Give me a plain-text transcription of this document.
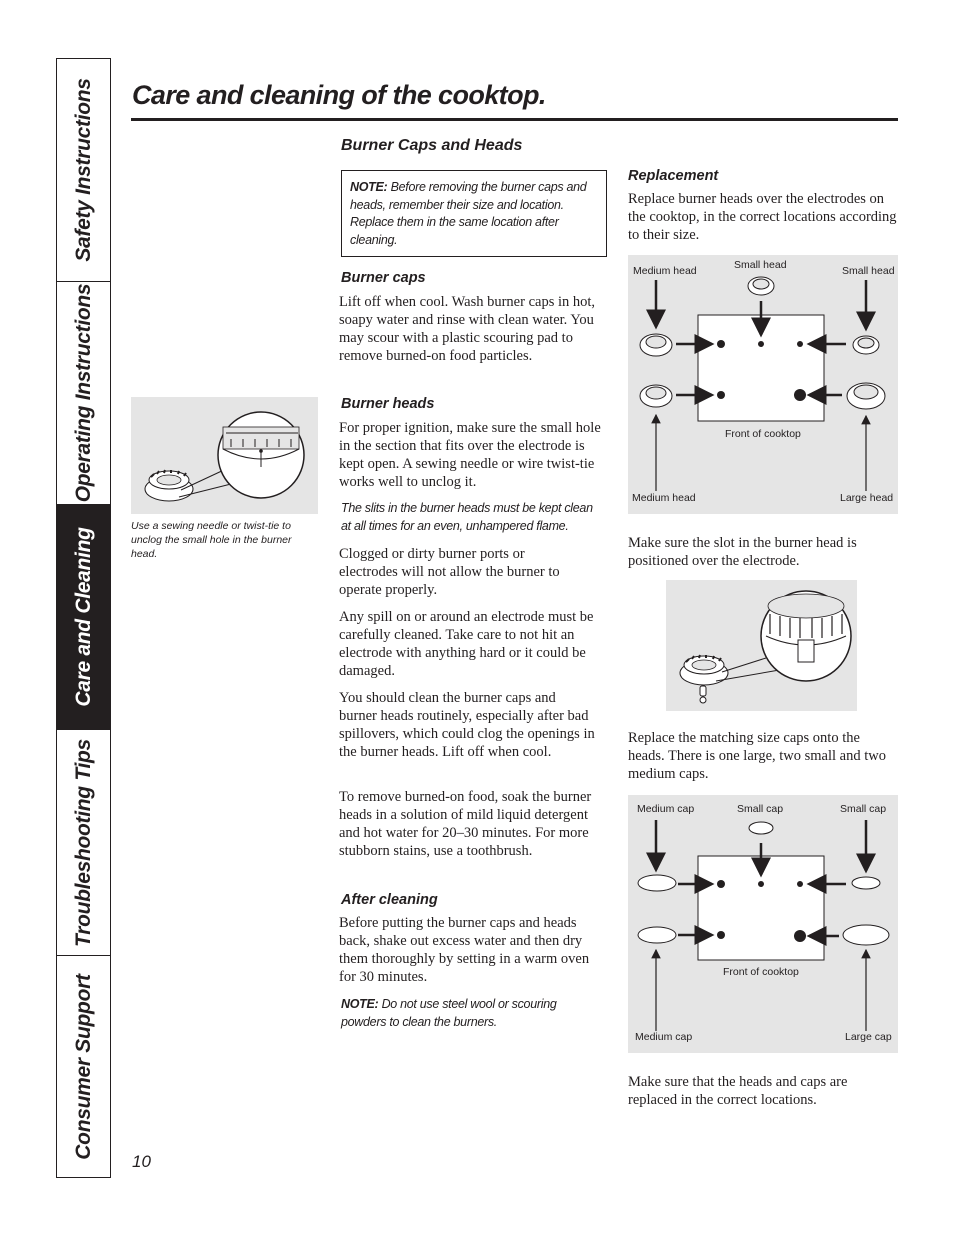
Safety Instructions
Operating Instructions
Care and Cleaning
Troubleshooting Tips
Consumer Support
Care and cleaning of the cooktop.
Use a sewing needle or twist-tie to unclog the small hole in the burner head.
Burner Caps and Heads
NOTE: Before removing the burner caps and heads, remember their size and location. Replace them in the same location after cleaning.
Burner caps
Lift off when cool. Wash burner caps in hot, soapy water and rinse with clean water. You may scour with a plastic scouring pad to remove burned-on food particles.
Burner heads
For proper ignition, make sure the small hole in the section that fits over the electrode is kept open. A sewing needle or wire twist-tie works well to unclog it.
The slits in the burner heads must be kept clean at all times for an even, unhampered flame.
Clogged or dirty burner ports or electrodes will not allow the burner to operate properly.
Any spill on or around an electrode must be carefully cleaned. Take care to not hit an electrode with anything hard or it could be damaged.
You should clean the burner caps and burner heads routinely, especially after bad spillovers, which could clog the openings in the burner heads. Lift off when cool.
To remove burned-on food, soak the burner heads in a solution of mild liquid detergent and hot water for 20–30 minutes. For more stubborn stains, use a toothbrush.
After cleaning
Before putting the burner caps and heads back, shake out excess water and then dry them thoroughly by setting in a warm oven for 30 minutes.
NOTE: Do not use steel wool or scouring powders to clean the burners.
Replacement
Replace burner heads over the electrodes on the cooktop, in the correct locations according to their size.
Medium head	Small head	Small head
Front of cooktop
Medium head	Large head
Make sure the slot in the burner head is positioned over the electrode.
Replace the matching size caps onto the heads. There is one large, two small and two medium caps.
Medium cap	Small cap	Small cap
Front of cooktop
Medium cap	Large cap
Make sure that the heads and caps are replaced in the correct locations.
10
